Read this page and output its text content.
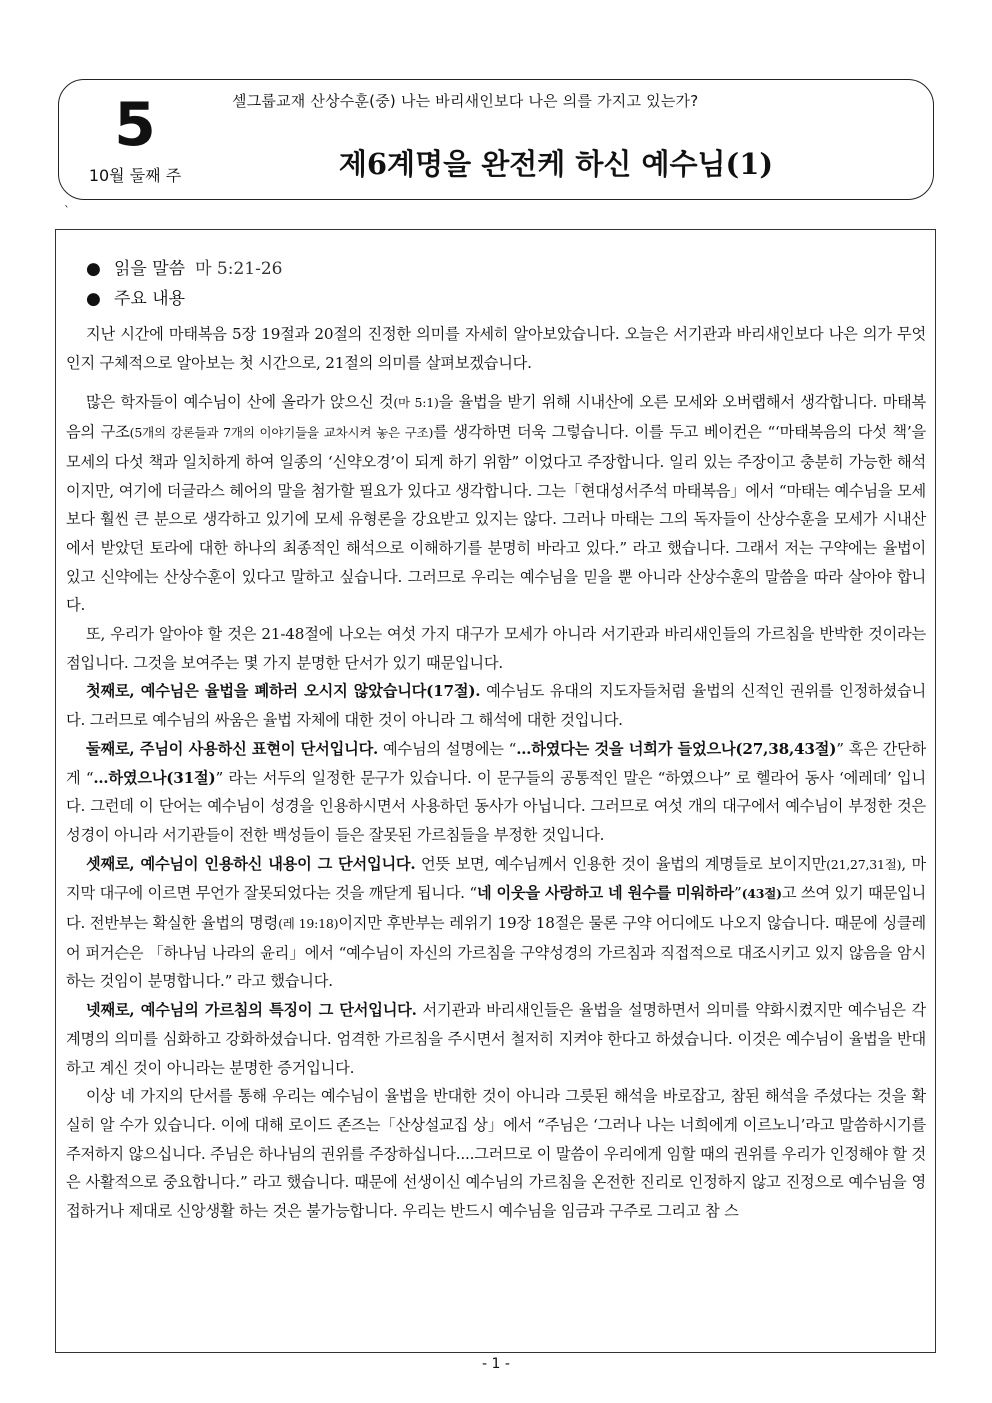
5
10월 둘째 주
셀그룹교재 산상수훈(중) 나는 바리새인보다 나은 의를 가지고 있는가?
제6계명을 완전케 하신 예수님(1)
`
● 읽을 말씀 마 5:21-26
● 주요 내용

지난 시간에 마태복음 5장 19절과 20절의 진정한 의미를 자세히 알아보았습니다. 오늘은 서기관과 바리새인보다 나은 의가 무엇인지 구체적으로 알아보는 첫 시간으로, 21절의 의미를 살펴보겠습니다.

많은 학자들이 예수님이 산에 올라가 앉으신 것(마 5:1)을 율법을 받기 위해 시내산에 오른 모세와 오버랩해서 생각합니다. 마태복음의 구조(5개의 강론들과 7개의 이야기들을 교차시켜 놓은 구조)를 생각하면 더욱 그렇습니다. 이를 두고 베이컨은 “‘마태복음의 다섯 책’을 모세의 다섯 책과 일치하게 하여 일종의 ‘신약오경’이 되게 하기 위함” 이었다고 주장합니다. 일리 있는 주장이고 충분히 가능한 해석이지만, 여기에 더글라스 헤어의 말을 첨가할 필요가 있다고 생각합니다. 그는「현대성서주석 마태복음」에서 “마태는 예수님을 모세보다 훨씬 큰 분으로 생각하고 있기에 모세 유형론을 강요받고 있지는 않다. 그러나 마태는 그의 독자들이 산상수훈을 모세가 시내산에서 받았던 토라에 대한 하나의 최종적인 해석으로 이해하기를 분명히 바라고 있다.” 라고 했습니다. 그래서 저는 구약에는 율법이 있고 신약에는 산상수훈이 있다고 말하고 싶습니다. 그러므로 우리는 예수님을 믿을 뿐 아니라 산상수훈의 말씀을 따라 살아야 합니다.

또, 우리가 알아야 할 것은 21-48절에 나오는 여섯 가지 대구가 모세가 아니라 서기관과 바리새인들의 가르침을 반박한 것이라는 점입니다. 그것을 보여주는 몇 가지 분명한 단서가 있기 때문입니다.

첫째로, 예수님은 율법을 폐하러 오시지 않았습니다(17절). 예수님도 유대의 지도자들처럼 율법의 신적인 권위를 인정하셨습니다. 그러므로 예수님의 싸움은 율법 자체에 대한 것이 아니라 그 해석에 대한 것입니다.

둘째로, 주님이 사용하신 표현이 단서입니다. 예수님의 설명에는 “…하였다는 것을 너희가 들었으나(27,38,43절)” 혹은 간단하게 “…하였으나(31절)” 라는 서두의 일정한 문구가 있습니다. 이 문구들의 공통적인 말은 “하였으나” 로 헬라어 동사 ‘에레데’ 입니다. 그런데 이 단어는 예수님이 성경을 인용하시면서 사용하던 동사가 아닙니다. 그러므로 여섯 개의 대구에서 예수님이 부정한 것은 성경이 아니라 서기관들이 전한 백성들이 들은 잘못된 가르침들을 부정한 것입니다.

셋째로, 예수님이 인용하신 내용이 그 단서입니다. 언뜻 보면, 예수님께서 인용한 것이 율법의 계명들로 보이지만(21,27,31절), 마지막 대구에 이르면 무언가 잘못되었다는 것을 깨닫게 됩니다. “네 이웃을 사랑하고 네 원수를 미워하라”(43절)고 쓰여 있기 때문입니다. 전반부는 확실한 율법의 명령(레 19:18)이지만 후반부는 레위기 19장 18절은 물론 구약 어디에도 나오지 않습니다. 때문에 싱클레어 퍼거슨은 「하나님 나라의 윤리」에서 “예수님이 자신의 가르침을 구약성경의 가르침과 직접적으로 대조시키고 있지 않음을 암시하는 것임이 분명합니다.” 라고 했습니다.

넷째로, 예수님의 가르침의 특징이 그 단서입니다. 서기관과 바리새인들은 율법을 설명하면서 의미를 약화시켰지만 예수님은 각 계명의 의미를 심화하고 강화하셨습니다. 엄격한 가르침을 주시면서 철저히 지켜야 한다고 하셨습니다. 이것은 예수님이 율법을 반대하고 계신 것이 아니라는 분명한 증거입니다.

이상 네 가지의 단서를 통해 우리는 예수님이 율법을 반대한 것이 아니라 그릇된 해석을 바로잡고, 참된 해석을 주셨다는 것을 확실히 알 수가 있습니다. 이에 대해 로이드 존즈는「산상설교집 상」에서 “주님은 ‘그러나 나는 너희에게 이르노니’라고 말씀하시기를 주저하지 않으십니다. 주님은 하나님의 권위를 주장하십니다....그러므로 이 말씀이 우리에게 임할 때의 권위를 우리가 인정해야 할 것은 사활적으로 중요합니다.” 라고 했습니다. 때문에 선생이신 예수님의 가르침을 온전한 진리로 인정하지 않고 진정으로 예수님을 영접하거나 제대로 신앙생활 하는 것은 불가능합니다. 우리는 반드시 예수님을 임금과 구주로 그리고 참 스

- 1 -
